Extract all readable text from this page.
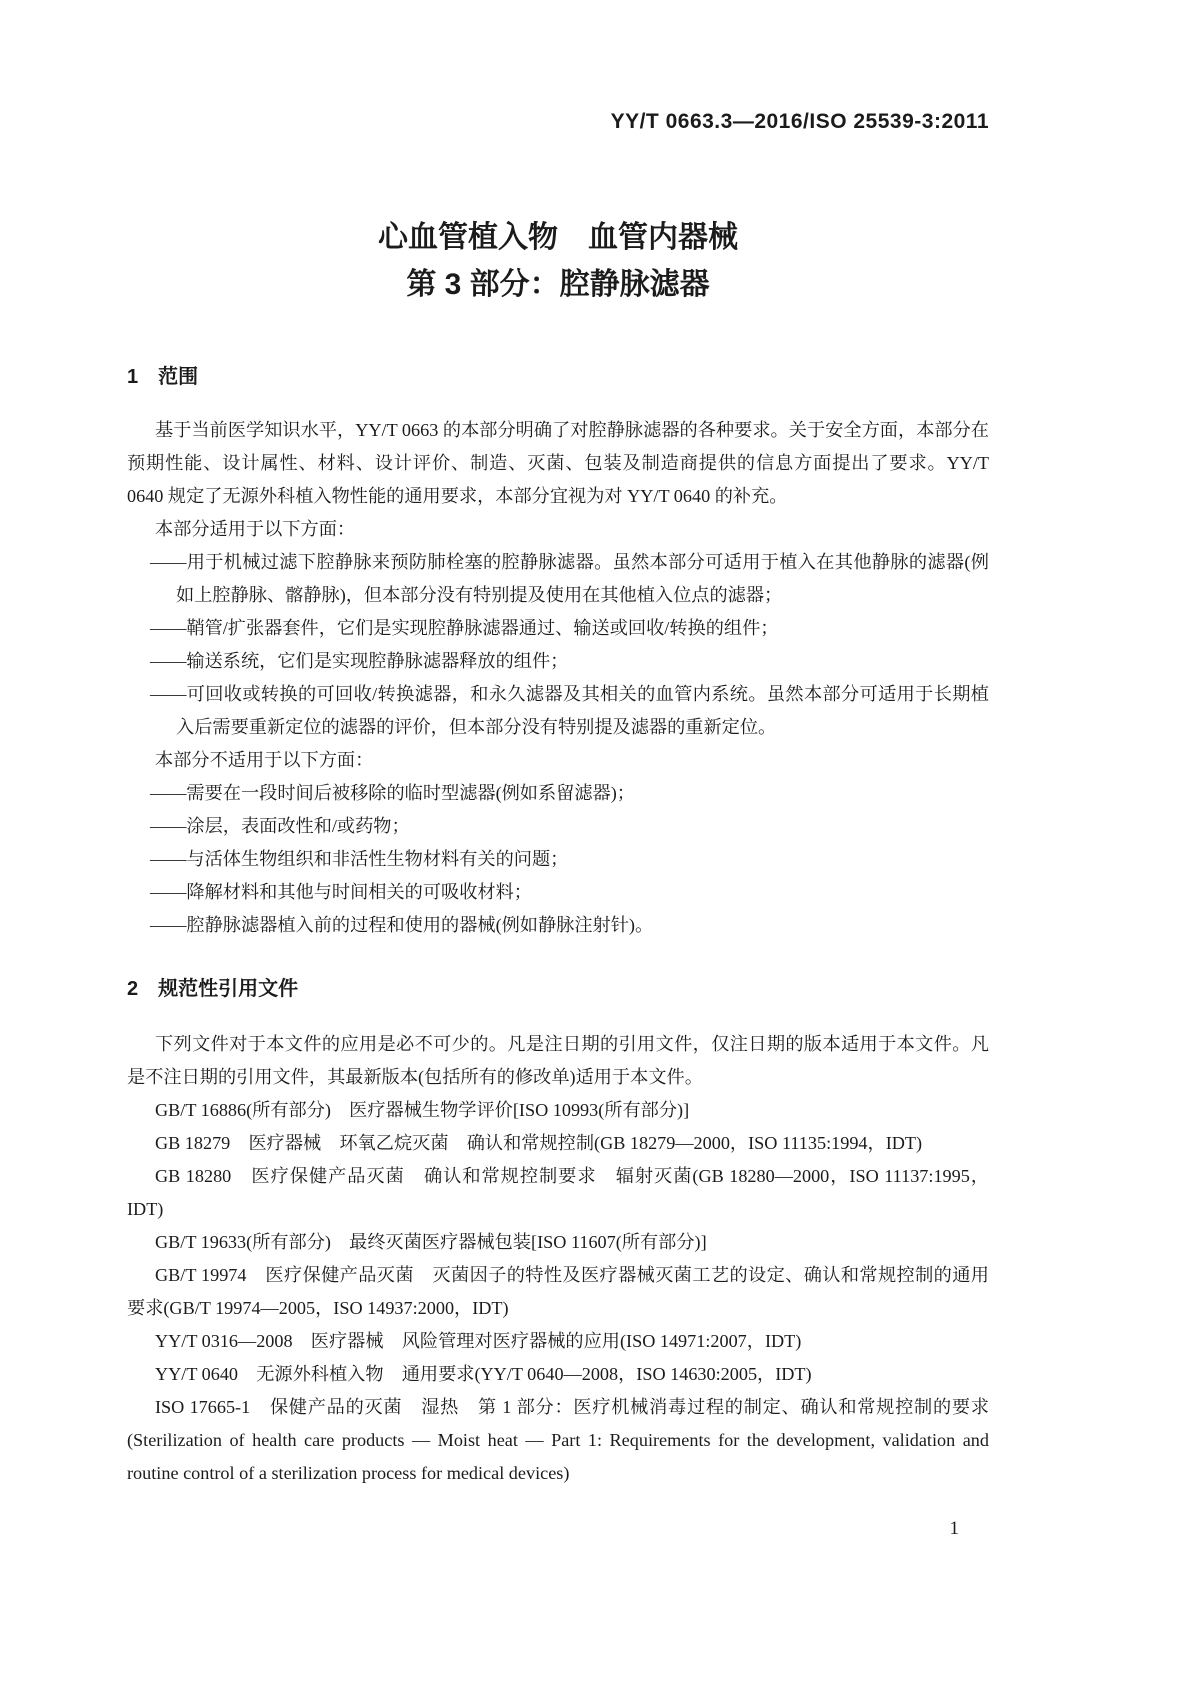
YY/T 0663.3—2016/ISO 25539-3:2011
心血管植入物　血管内器械
第 3 部分：腔静脉滤器
1　范围

基于当前医学知识水平，YY/T 0663 的本部分明确了对腔静脉滤器的各种要求。关于安全方面，本部分在预期性能、设计属性、材料、设计评价、制造、灭菌、包装及制造商提供的信息方面提出了要求。YY/T 0640 规定了无源外科植入物性能的通用要求，本部分宜视为对 YY/T 0640 的补充。

本部分适用于以下方面：

——用于机械过滤下腔静脉来预防肺栓塞的腔静脉滤器。虽然本部分可适用于植入在其他静脉的滤器(例如上腔静脉、髂静脉)，但本部分没有特别提及使用在其他植入位点的滤器；

——鞘管/扩张器套件，它们是实现腔静脉滤器通过、输送或回收/转换的组件；

——输送系统，它们是实现腔静脉滤器释放的组件；

——可回收或转换的可回收/转换滤器，和永久滤器及其相关的血管内系统。虽然本部分可适用于长期植入后需要重新定位的滤器的评价，但本部分没有特别提及滤器的重新定位。

本部分不适用于以下方面：

——需要在一段时间后被移除的临时型滤器(例如系留滤器)；

——涂层，表面改性和/或药物；

——与活体生物组织和非活性生物材料有关的问题；

——降解材料和其他与时间相关的可吸收材料；

——腔静脉滤器植入前的过程和使用的器械(例如静脉注射针)。

2　规范性引用文件

下列文件对于本文件的应用是必不可少的。凡是注日期的引用文件，仅注日期的版本适用于本文件。凡是不注日期的引用文件，其最新版本(包括所有的修改单)适用于本文件。

GB/T 16886(所有部分)　医疗器械生物学评价[ISO 10993(所有部分)]

GB 18279　医疗器械　环氧乙烷灭菌　确认和常规控制(GB 18279—2000，ISO 11135:1994，IDT)

GB 18280　医疗保健产品灭菌　确认和常规控制要求　辐射灭菌(GB 18280—2000，ISO 11137:1995，IDT)

GB/T 19633(所有部分)　最终灭菌医疗器械包装[ISO 11607(所有部分)]

GB/T 19974　医疗保健产品灭菌　灭菌因子的特性及医疗器械灭菌工艺的设定、确认和常规控制的通用要求(GB/T 19974—2005，ISO 14937:2000，IDT)

YY/T 0316—2008　医疗器械　风险管理对医疗器械的应用(ISO 14971:2007，IDT)

YY/T 0640　无源外科植入物　通用要求(YY/T 0640—2008，ISO 14630:2005，IDT)

ISO 17665-1　保健产品的灭菌　湿热　第 1 部分：医疗机械消毒过程的制定、确认和常规控制的要求(Sterilization of health care products — Moist heat — Part 1: Requirements for the development, validation and routine control of a sterilization process for medical devices)

1
